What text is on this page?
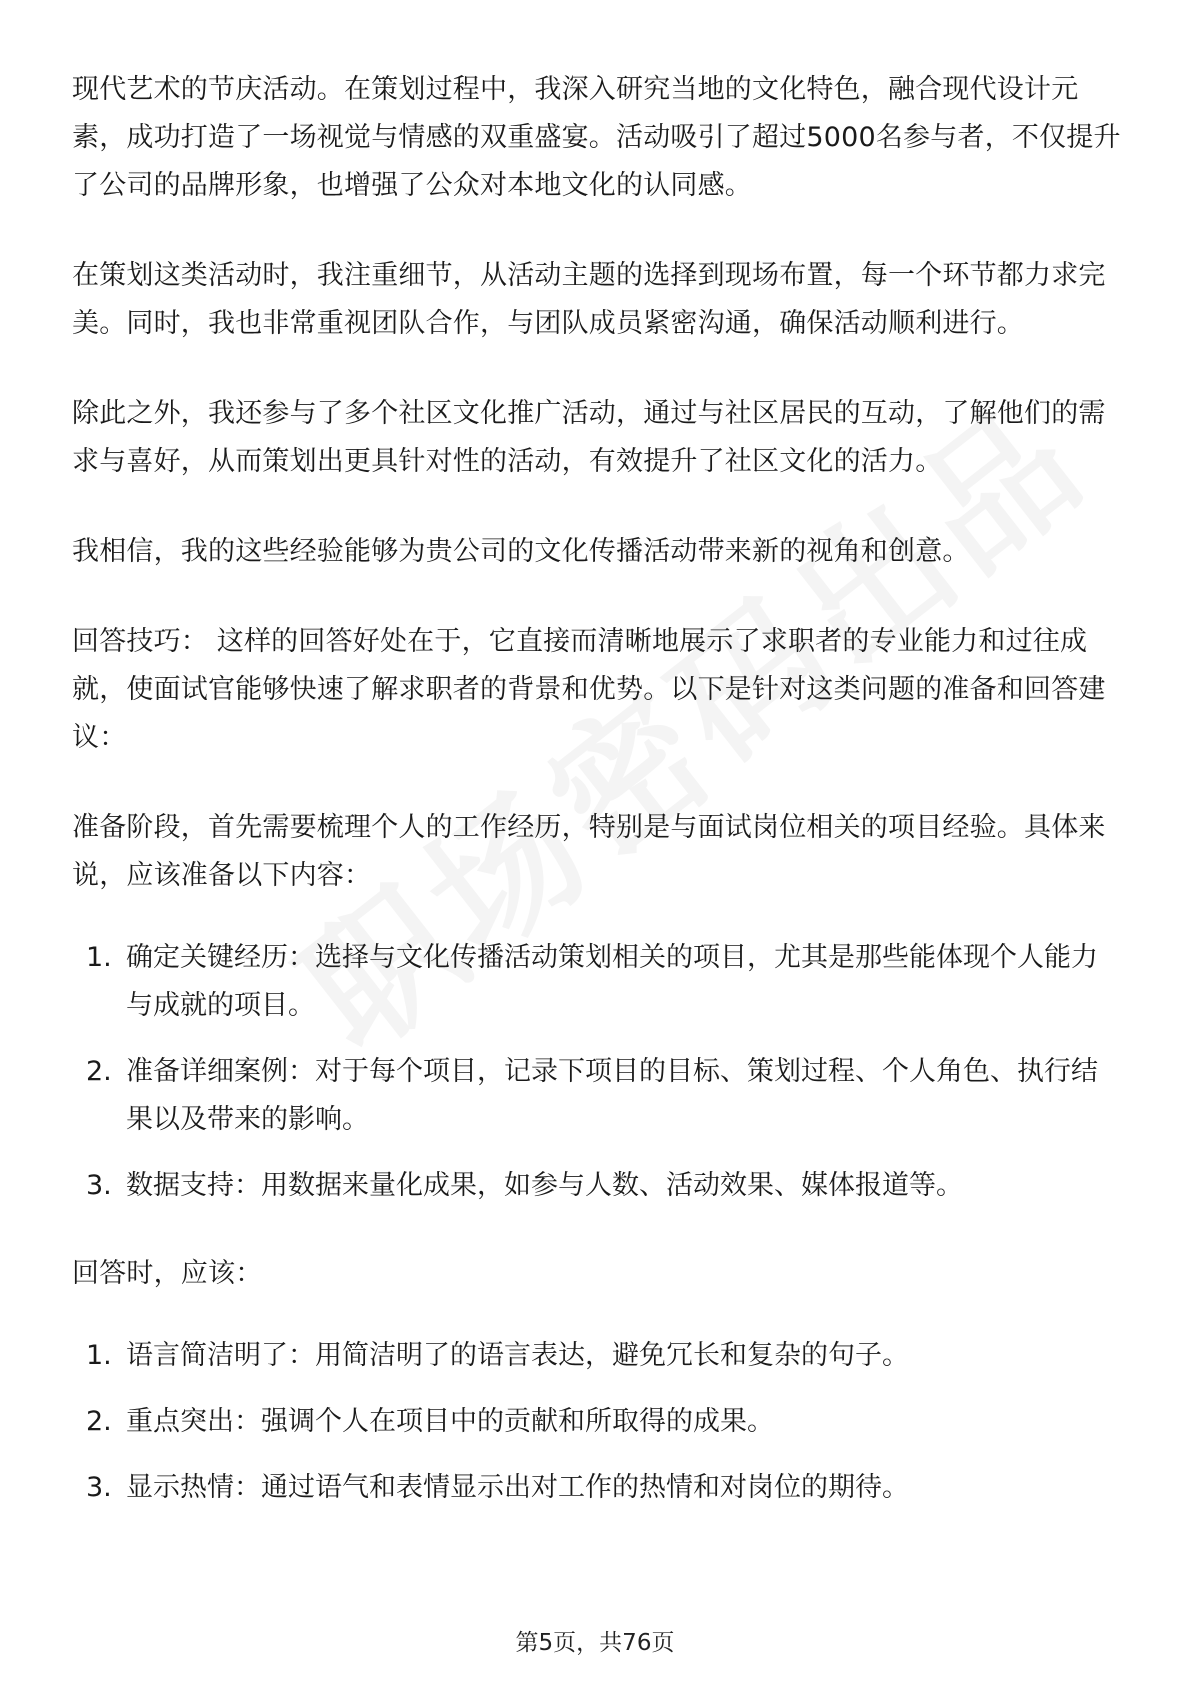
现代艺术的节庆活动。在策划过程中，我深入研究当地的文化特色，融合现代设计元素，成功打造了一场视觉与情感的双重盛宴。活动吸引了超过5000名参与者，不仅提升了公司的品牌形象，也增强了公众对本地文化的认同感。

在策划这类活动时，我注重细节，从活动主题的选择到现场布置，每一个环节都力求完美。同时，我也非常重视团队合作，与团队成员紧密沟通，确保活动顺利进行。

除此之外，我还参与了多个社区文化推广活动，通过与社区居民的互动，了解他们的需求与喜好，从而策划出更具针对性的活动，有效提升了社区文化的活力。

我相信，我的这些经验能够为贵公司的文化传播活动带来新的视角和创意。

回答技巧： 这样的回答好处在于，它直接而清晰地展示了求职者的专业能力和过往成就，使面试官能够快速了解求职者的背景和优势。以下是针对这类问题的准备和回答建议：

准备阶段，首先需要梳理个人的工作经历，特别是与面试岗位相关的项目经验。具体来说，应该准备以下内容：

1. 确定关键经历：选择与文化传播活动策划相关的项目，尤其是那些能体现个人能力与成就的项目。
2. 准备详细案例：对于每个项目，记录下项目的目标、策划过程、个人角色、执行结果以及带来的影响。
3. 数据支持：用数据来量化成果，如参与人数、活动效果、媒体报道等。

回答时，应该：

1. 语言简洁明了：用简洁明了的语言表达，避免冗长和复杂的句子。
2. 重点突出：强调个人在项目中的贡献和所取得的成果。
3. 显示热情：通过语气和表情显示出对工作的热情和对岗位的期待。
第5页，共76页
